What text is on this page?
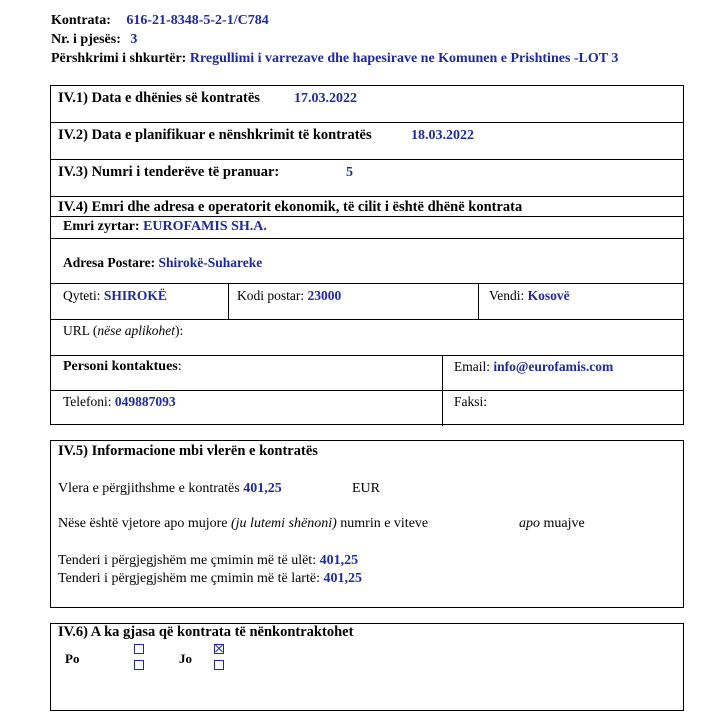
Kontrata: 616-21-8348-5-2-1/C784
Nr. i pjesës: 3
Përshkrimi i shkurtër: Rregullimi i varrezave dhe hapesirave ne Komunen e Prishtines -LOT 3
IV.1) Data e dhënies së kontratës 17.03.2022
IV.2) Data e planifikuar e nënshkrimit të kontratës	18.03.2022
IV.3) Numri i tenderëve të pranuar:	5
IV.4) Emri dhe adresa e operatorit ekonomik, të cilit i është dhënë kontrata
Emri zyrtar: EUROFAMIS SH.A.
Adresa Postare: Shirokë-Suhareke
Qyteti: SHIROKË	Kodi postar: 23000	Vendi: Kosovë
URL (nëse aplikohet):
Personi kontaktues:	Email: info@eurofamis.com
Telefoni: 049887093	Faksi:
IV.5) Informacione mbi vlerën e kontratës
Vlera e përgjithshme e kontratës 401,25	EUR
Nëse është vjetore apo mujore (ju lutemi shënoni) numrin e viteve	apo muajve
Tenderi i përgjegjshëm me çmimin më të ulët: 401,25
Tenderi i përgjegjshëm me çmimin më të lartë: 401,25
IV.6) A ka gjasa që kontrata të nënkontraktohet
Po	Jo
